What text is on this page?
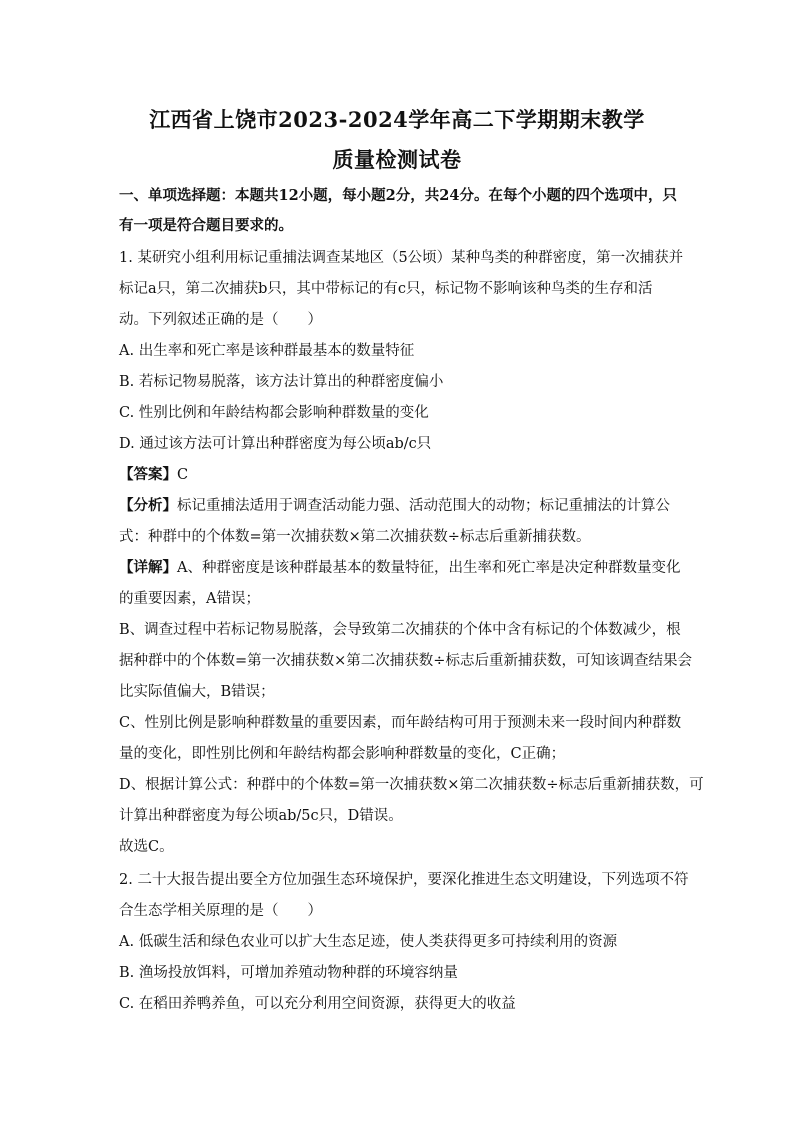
江西省上饶市2023-2024学年高二下学期期末教学
质量检测试卷

一、单项选择题：本题共12小题，每小题2分，共24分。在每个小题的四个选项中，只

有一项是符合题目要求的。

1. 某研究小组利用标记重捕法调查某地区（5公顷）某种鸟类的种群密度，第一次捕获并

标记a只，第二次捕获b只，其中带标记的有c只，标记物不影响该种鸟类的生存和活

动。下列叙述正确的是（　　）

A. 出生率和死亡率是该种群最基本的数量特征

B. 若标记物易脱落，该方法计算出的种群密度偏小

C. 性别比例和年龄结构都会影响种群数量的变化

D. 通过该方法可计算出种群密度为每公顷ab/c只

【答案】C

【分析】标记重捕法适用于调查活动能力强、活动范围大的动物；标记重捕法的计算公

式：种群中的个体数=第一次捕获数×第二次捕获数÷标志后重新捕获数。

【详解】A、种群密度是该种群最基本的数量特征，出生率和死亡率是决定种群数量变化

的重要因素，A错误；

B、调查过程中若标记物易脱落，会导致第二次捕获的个体中含有标记的个体数减少，根

据种群中的个体数=第一次捕获数×第二次捕获数÷标志后重新捕获数，可知该调查结果会

比实际值偏大，B错误；

C、性别比例是影响种群数量的重要因素，而年龄结构可用于预测未来一段时间内种群数

量的变化，即性别比例和年龄结构都会影响种群数量的变化，C正确；

D、根据计算公式：种群中的个体数=第一次捕获数×第二次捕获数÷标志后重新捕获数，可

计算出种群密度为每公顷ab/5c只，D错误。

故选C。

2. 二十大报告提出要全方位加强生态环境保护，要深化推进生态文明建设，下列选项不符

合生态学相关原理的是（　　）

A. 低碳生活和绿色农业可以扩大生态足迹，使人类获得更多可持续利用的资源

B. 渔场投放饵料，可增加养殖动物种群的环境容纳量

C. 在稻田养鸭养鱼，可以充分利用空间资源，获得更大的收益
